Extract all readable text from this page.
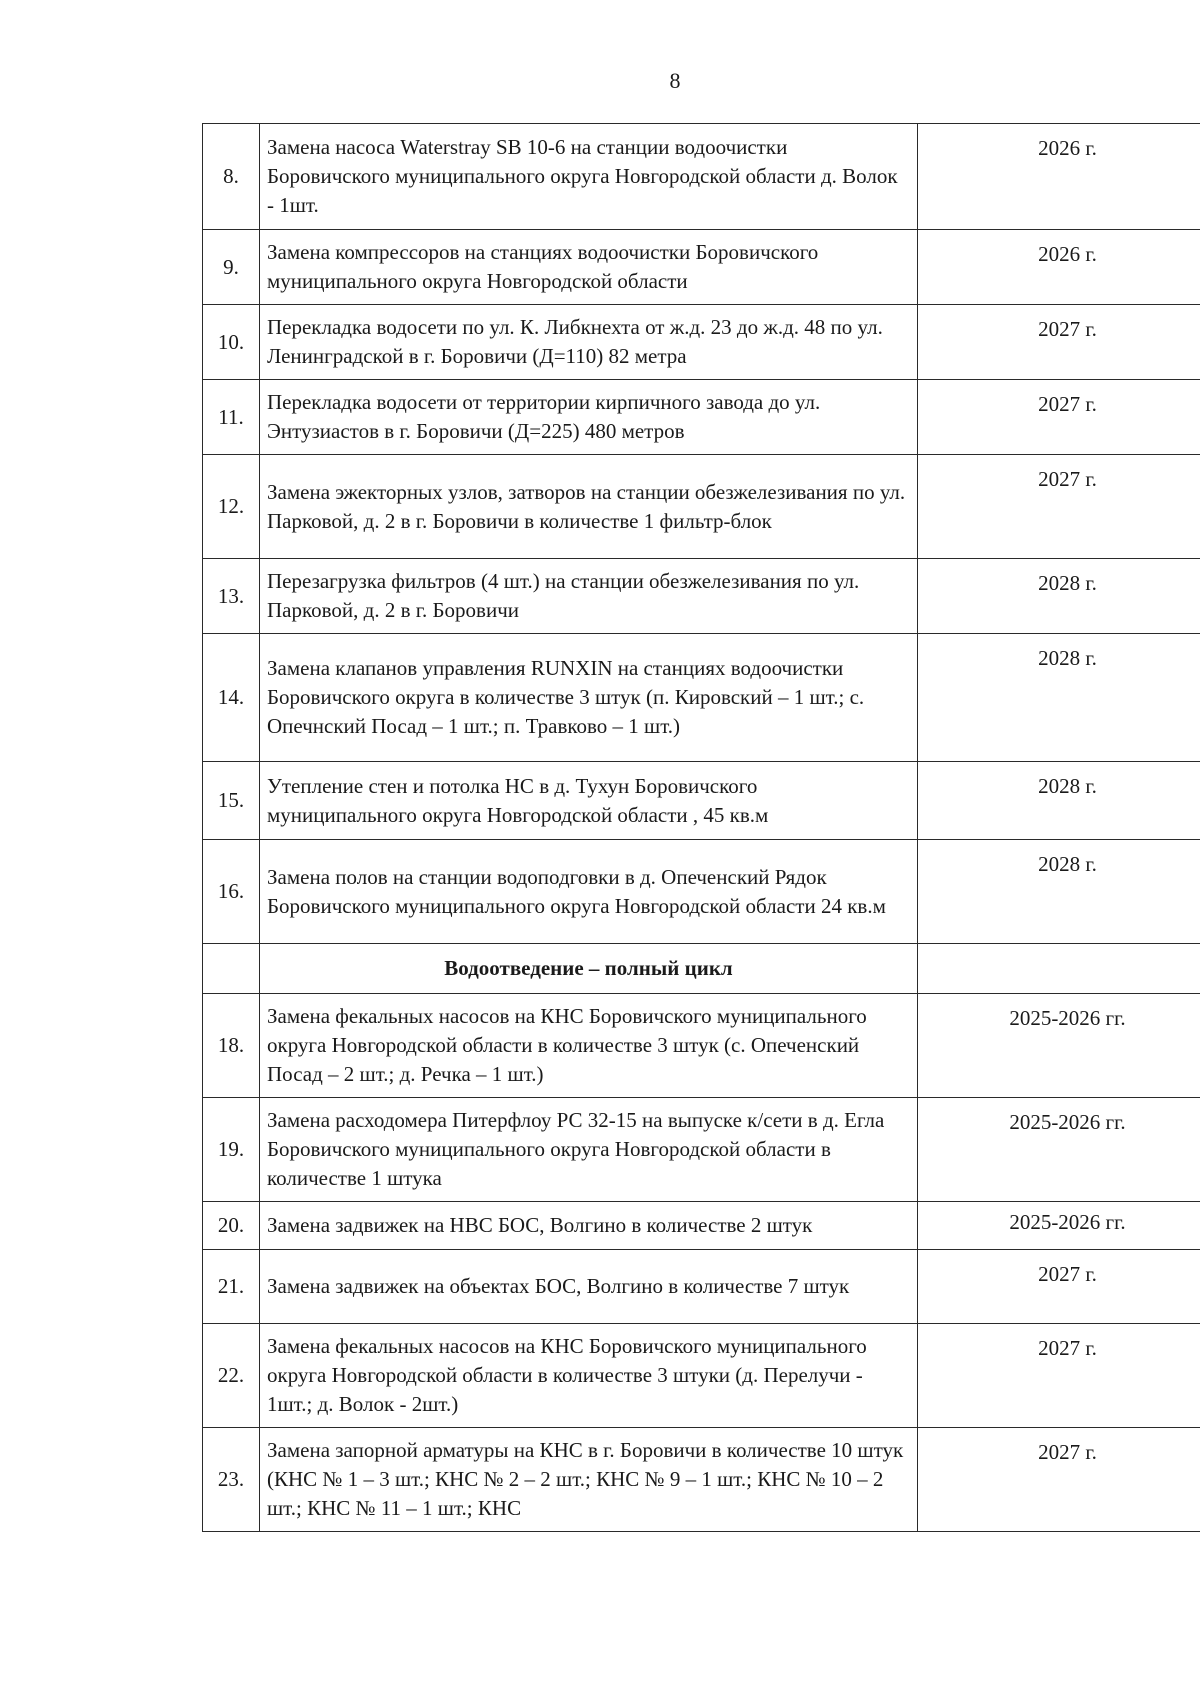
8
8.	Замена насоса Waterstray SB 10-6 на станции водоочистки Боровичского муниципального округа Новгородской области д. Волок - 1шт.	2026 г.
9.	Замена компрессоров на станциях водоочистки Боровичского муниципального округа Новгородской области	2026 г.
10.	Перекладка водосети по ул. К. Либкнехта от ж.д. 23 до ж.д. 48 по ул. Ленинградской в г. Боровичи (Д=110) 82 метра	2027 г.
11.	Перекладка водосети от территории кирпичного завода до ул. Энтузиастов в г. Боровичи (Д=225) 480 метров	2027 г.
12.	Замена эжекторных узлов, затворов на станции обезжелезивания по ул. Парковой, д. 2 в г. Боровичи в количестве 1 фильтр-блок	2027 г.
13.	Перезагрузка фильтров (4 шт.) на станции обезжелезивания по ул. Парковой, д. 2 в г. Боровичи	2028 г.
14.	Замена клапанов управления RUNXIN на станциях водоочистки Боровичского округа в количестве 3 штук (п. Кировский – 1 шт.; с. Опечнский Посад – 1 шт.; п. Травково – 1 шт.)	2028 г.
15.	Утепление стен и потолка НС в д. Тухун Боровичского муниципального округа Новгородской области , 45 кв.м	2028 г.
16.	Замена полов на станции водоподговки в д. Опеченский Рядок Боровичского муниципального округа Новгородской области 24 кв.м	2028 г.
	Водоотведение – полный цикл	
18.	Замена фекальных насосов на КНС Боровичского муниципального округа Новгородской области в количестве 3 штук (с. Опеченский Посад – 2 шт.; д. Речка – 1 шт.)	2025-2026 гг.
19.	Замена расходомера Питерфлоу РС 32-15 на выпуске к/сети в д. Егла Боровичского муниципального округа Новгородской области в количестве 1 штука	2025-2026 гг.
20.	Замена задвижек на НВС БОС, Волгино в количестве 2 штук	2025-2026 гг.
21.	Замена задвижек на объектах БОС, Волгино в количестве 7 штук	2027 г.
22.	Замена фекальных насосов на КНС Боровичского муниципального округа Новгородской области в количестве 3 штуки (д. Перелучи - 1шт.; д. Волок - 2шт.)	2027 г.
23.	Замена запорной арматуры на КНС в г. Боровичи в количестве 10 штук (КНС № 1 – 3 шт.; КНС № 2 – 2 шт.; КНС № 9 – 1 шт.; КНС № 10 – 2 шт.; КНС № 11 – 1 шт.; КНС	2027 г.
